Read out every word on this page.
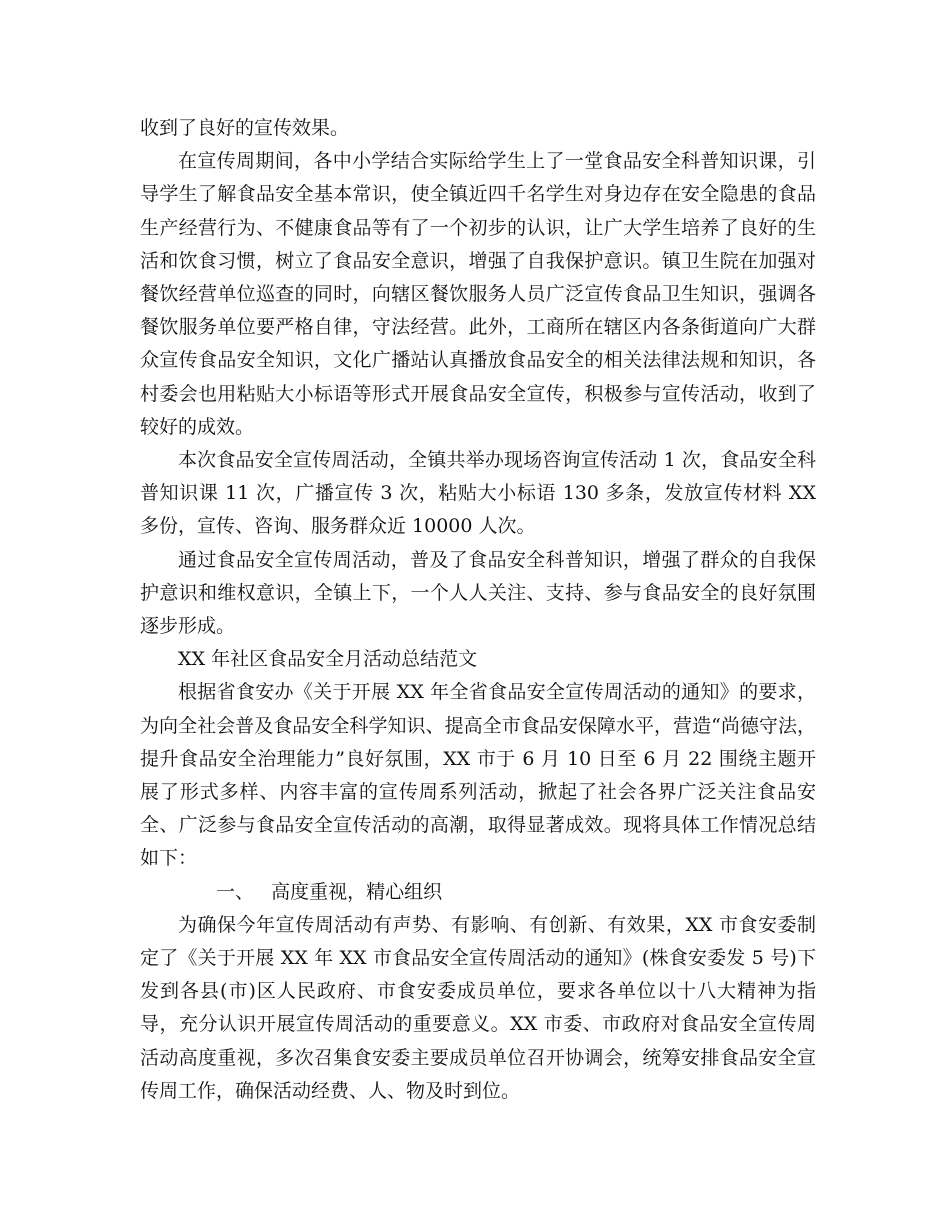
收到了良好的宣传效果。

在宣传周期间，各中小学结合实际给学生上了一堂食品安全科普知识课，引导学生了解食品安全基本常识，使全镇近四千名学生对身边存在安全隐患的食品生产经营行为、不健康食品等有了一个初步的认识，让广大学生培养了良好的生活和饮食习惯，树立了食品安全意识，增强了自我保护意识。镇卫生院在加强对餐饮经营单位巡查的同时，向辖区餐饮服务人员广泛宣传食品卫生知识，强调各餐饮服务单位要严格自律，守法经营。此外，工商所在辖区内各条街道向广大群众宣传食品安全知识，文化广播站认真播放食品安全的相关法律法规和知识，各村委会也用粘贴大小标语等形式开展食品安全宣传，积极参与宣传活动，收到了较好的成效。

本次食品安全宣传周活动，全镇共举办现场咨询宣传活动 1 次，食品安全科普知识课 11 次，广播宣传 3 次，粘贴大小标语 130 多条，发放宣传材料 XX 多份，宣传、咨询、服务群众近 10000 人次。

通过食品安全宣传周活动，普及了食品安全科普知识，增强了群众的自我保护意识和维权意识，全镇上下，一个人人关注、支持、参与食品安全的良好氛围逐步形成。

XX 年社区食品安全月活动总结范文

根据省食安办《关于开展 XX 年全省食品安全宣传周活动的通知》的要求，为向全社会普及食品安全科学知识、提高全市食品安保障水平，营造“尚德守法，提升食品安全治理能力”良好氛围，XX 市于 6 月 10 日至 6 月 22 围绕主题开展了形式多样、内容丰富的宣传周系列活动，掀起了社会各界广泛关注食品安全、广泛参与食品安全宣传活动的高潮，取得显著成效。现将具体工作情况总结如下：

一、 高度重视，精心组织

为确保今年宣传周活动有声势、有影响、有创新、有效果，XX 市食安委制定了《关于开展 XX 年 XX 市食品安全宣传周活动的通知》(株食安委发 5 号)下发到各县(市)区人民政府、市食安委成员单位，要求各单位以十八大精神为指导，充分认识开展宣传周活动的重要意义。XX 市委、市政府对食品安全宣传周活动高度重视，多次召集食安委主要成员单位召开协调会，统筹安排食品安全宣传周工作，确保活动经费、人、物及时到位。
